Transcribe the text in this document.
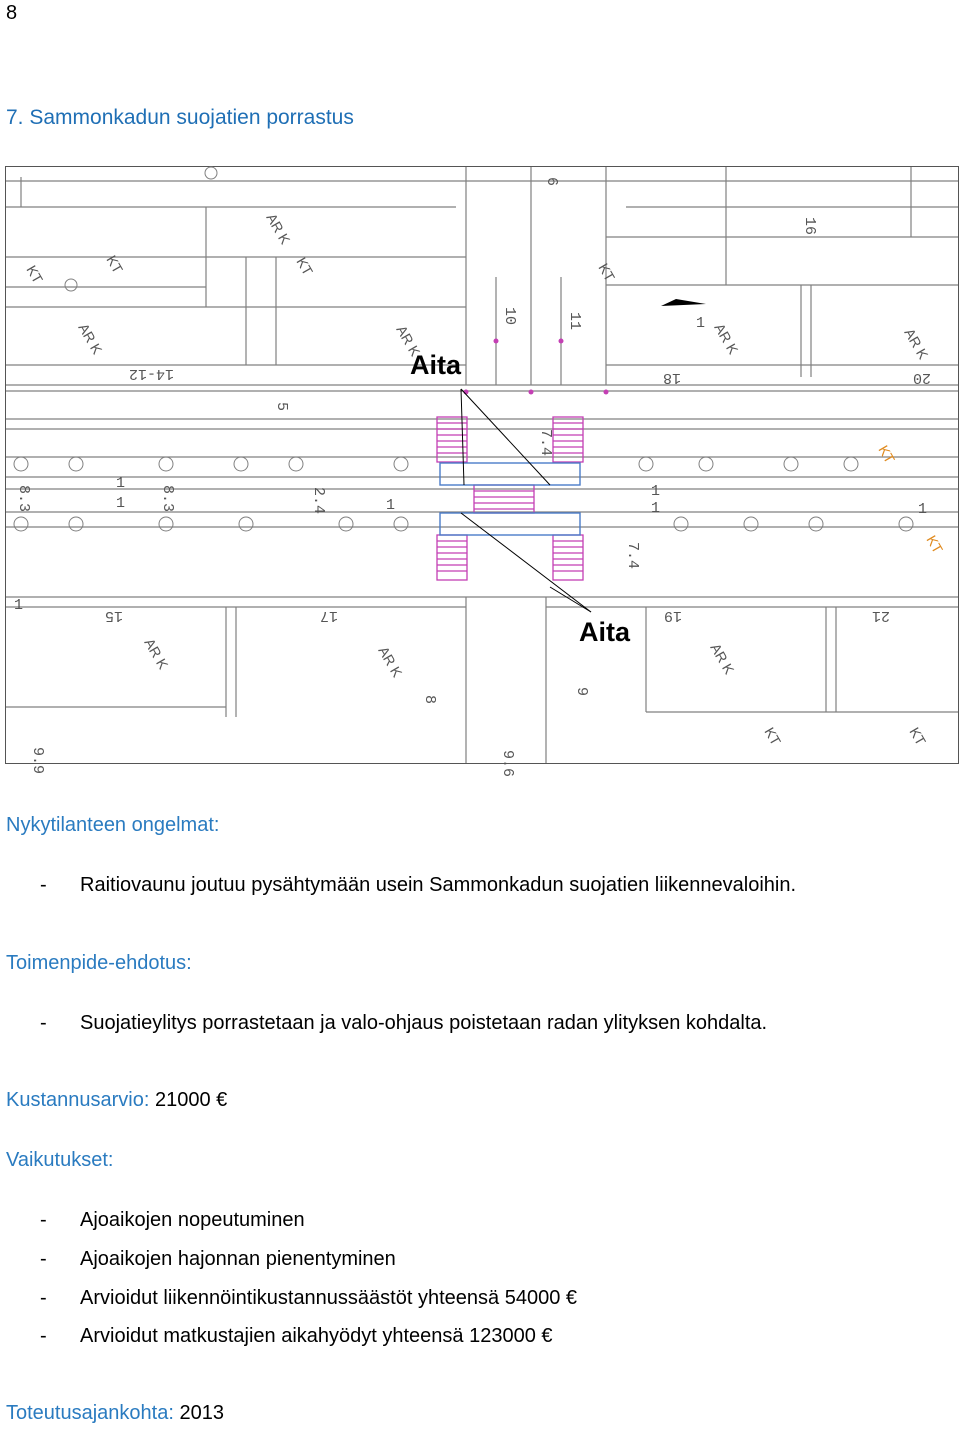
8
7. Sammonkadun suojatien porrastus
Aita
Aita
KT	KT	KT	KT
KT
KT
KT	KT
AR K	AR K	AR K	AR K
AR K	AR K	AR K
AR K
14-12
10	11
18	20
15	17	19	21
16
7.4
7.4
8.3	8.3	2.4
9.9	9.6
5
6
8
9
1
1
1
1	1
1
1
1
Nykytilanteen ongelmat:
- Raitiovaunu joutuu pysähtymään usein Sammonkadun suojatien liikennevaloihin.
Toimenpide-ehdotus:
- Suojatieylitys porrastetaan ja valo-ohjaus poistetaan radan ylityksen kohdalta.
Kustannusarvio: 21000 €
Vaikutukset:
- Ajoaikojen nopeutuminen
- Ajoaikojen hajonnan pienentyminen
- Arvioidut liikennöintikustannussäästöt yhteensä 54000 €
- Arvioidut matkustajien aikahyödyt yhteensä 123000 €
Toteutusajankohta: 2013
